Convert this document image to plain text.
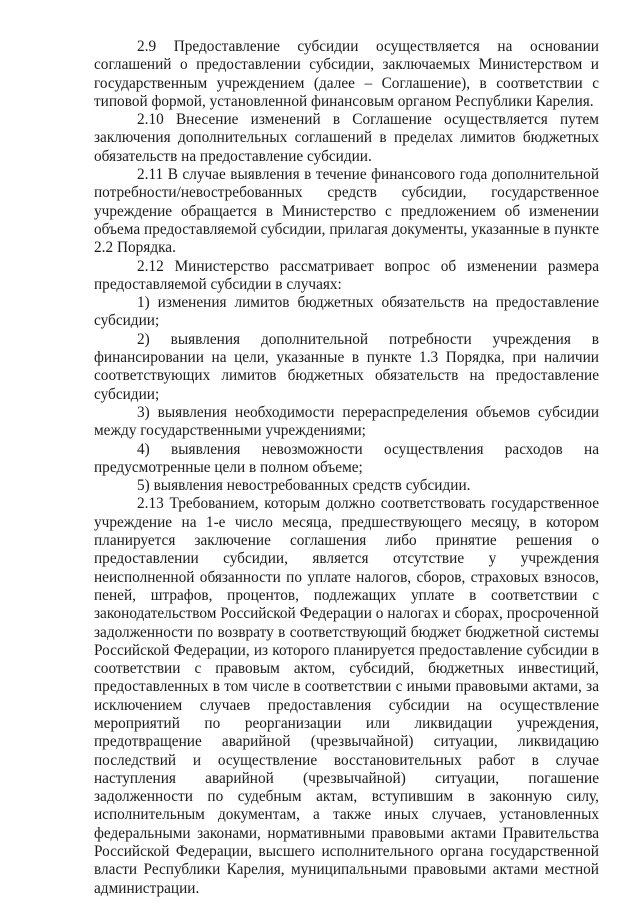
2.9 Предоставление субсидии осуществляется на основании соглашений о предоставлении субсидии, заключаемых Министерством и государственным учреждением (далее – Соглашение), в соответствии с типовой формой, установленной финансовым органом Республики Карелия.

2.10 Внесение изменений в Соглашение осуществляется путем заключения дополнительных соглашений в пределах лимитов бюджетных обязательств на предоставление субсидии.

2.11 В случае выявления в течение финансового года дополнительной потребности/невостребованных средств субсидии, государственное учреждение обращается в Министерство с предложением об изменении объема предоставляемой субсидии, прилагая документы, указанные в пункте 2.2 Порядка.

2.12 Министерство рассматривает вопрос об изменении размера предоставляемой субсидии в случаях:

1) изменения лимитов бюджетных обязательств на предоставление субсидии;

2) выявления дополнительной потребности учреждения в финансировании на цели, указанные в пункте 1.3 Порядка, при наличии соответствующих лимитов бюджетных обязательств на предоставление субсидии;

3) выявления необходимости перераспределения объемов субсидии между государственными учреждениями;

4) выявления невозможности осуществления расходов на предусмотренные цели в полном объеме;

5) выявления невостребованных средств субсидии.

2.13 Требованием, которым должно соответствовать государственное учреждение на 1-е число месяца, предшествующего месяцу, в котором планируется заключение соглашения либо принятие решения о предоставлении субсидии, является отсутствие у учреждения неисполненной обязанности по уплате налогов, сборов, страховых взносов, пеней, штрафов, процентов, подлежащих уплате в соответствии с законодательством Российской Федерации о налогах и сборах, просроченной задолженности по возврату в соответствующий бюджет бюджетной системы Российской Федерации, из которого планируется предоставление субсидии в соответствии с правовым актом, субсидий, бюджетных инвестиций, предоставленных в том числе в соответствии с иными правовыми актами, за исключением случаев предоставления субсидии на осуществление мероприятий по реорганизации или ликвидации учреждения, предотвращение аварийной (чрезвычайной) ситуации, ликвидацию последствий и осуществление восстановительных работ в случае наступления аварийной (чрезвычайной) ситуации, погашение задолженности по судебным актам, вступившим в законную силу, исполнительным документам, а также иных случаев, установленных федеральными законами, нормативными правовыми актами Правительства Российской Федерации, высшего исполнительного органа государственной власти Республики Карелия, муниципальными правовыми актами местной администрации.
